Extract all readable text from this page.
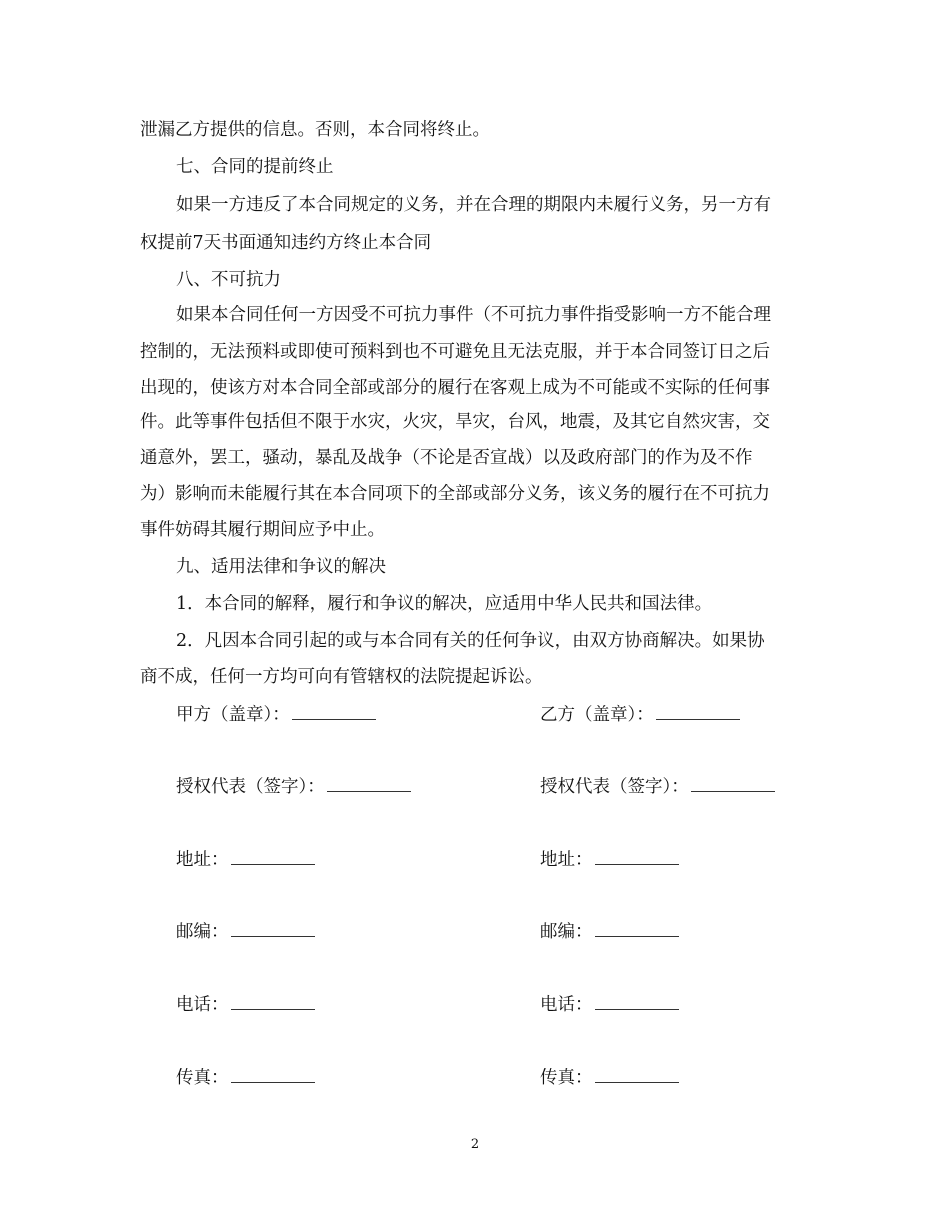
泄漏乙方提供的信息。否则，本合同将终止。
七、合同的提前终止
如果一方违反了本合同规定的义务，并在合理的期限内未履行义务，另一方有
权提前7天书面通知违约方终止本合同
八、不可抗力
如果本合同任何一方因受不可抗力事件（不可抗力事件指受影响一方不能合理
控制的，无法预料或即使可预料到也不可避免且无法克服，并于本合同签订日之后
出现的，使该方对本合同全部或部分的履行在客观上成为不可能或不实际的任何事
件。此等事件包括但不限于水灾，火灾，旱灾，台风，地震，及其它自然灾害，交
通意外，罢工，骚动，暴乱及战争（不论是否宣战）以及政府部门的作为及不作
为）影响而未能履行其在本合同项下的全部或部分义务，该义务的履行在不可抗力
事件妨碍其履行期间应予中止。
九、适用法律和争议的解决
1．本合同的解释，履行和争议的解决，应适用中华人民共和国法律。
2．凡因本合同引起的或与本合同有关的任何争议，由双方协商解决。如果协
商不成，任何一方均可向有管辖权的法院提起诉讼。
甲方（盖章）：
授权代表（签字）：
地址：
邮编：
电话：
传真：
乙方（盖章）：
授权代表（签字）：
地址：
邮编：
电话：
传真：
2
